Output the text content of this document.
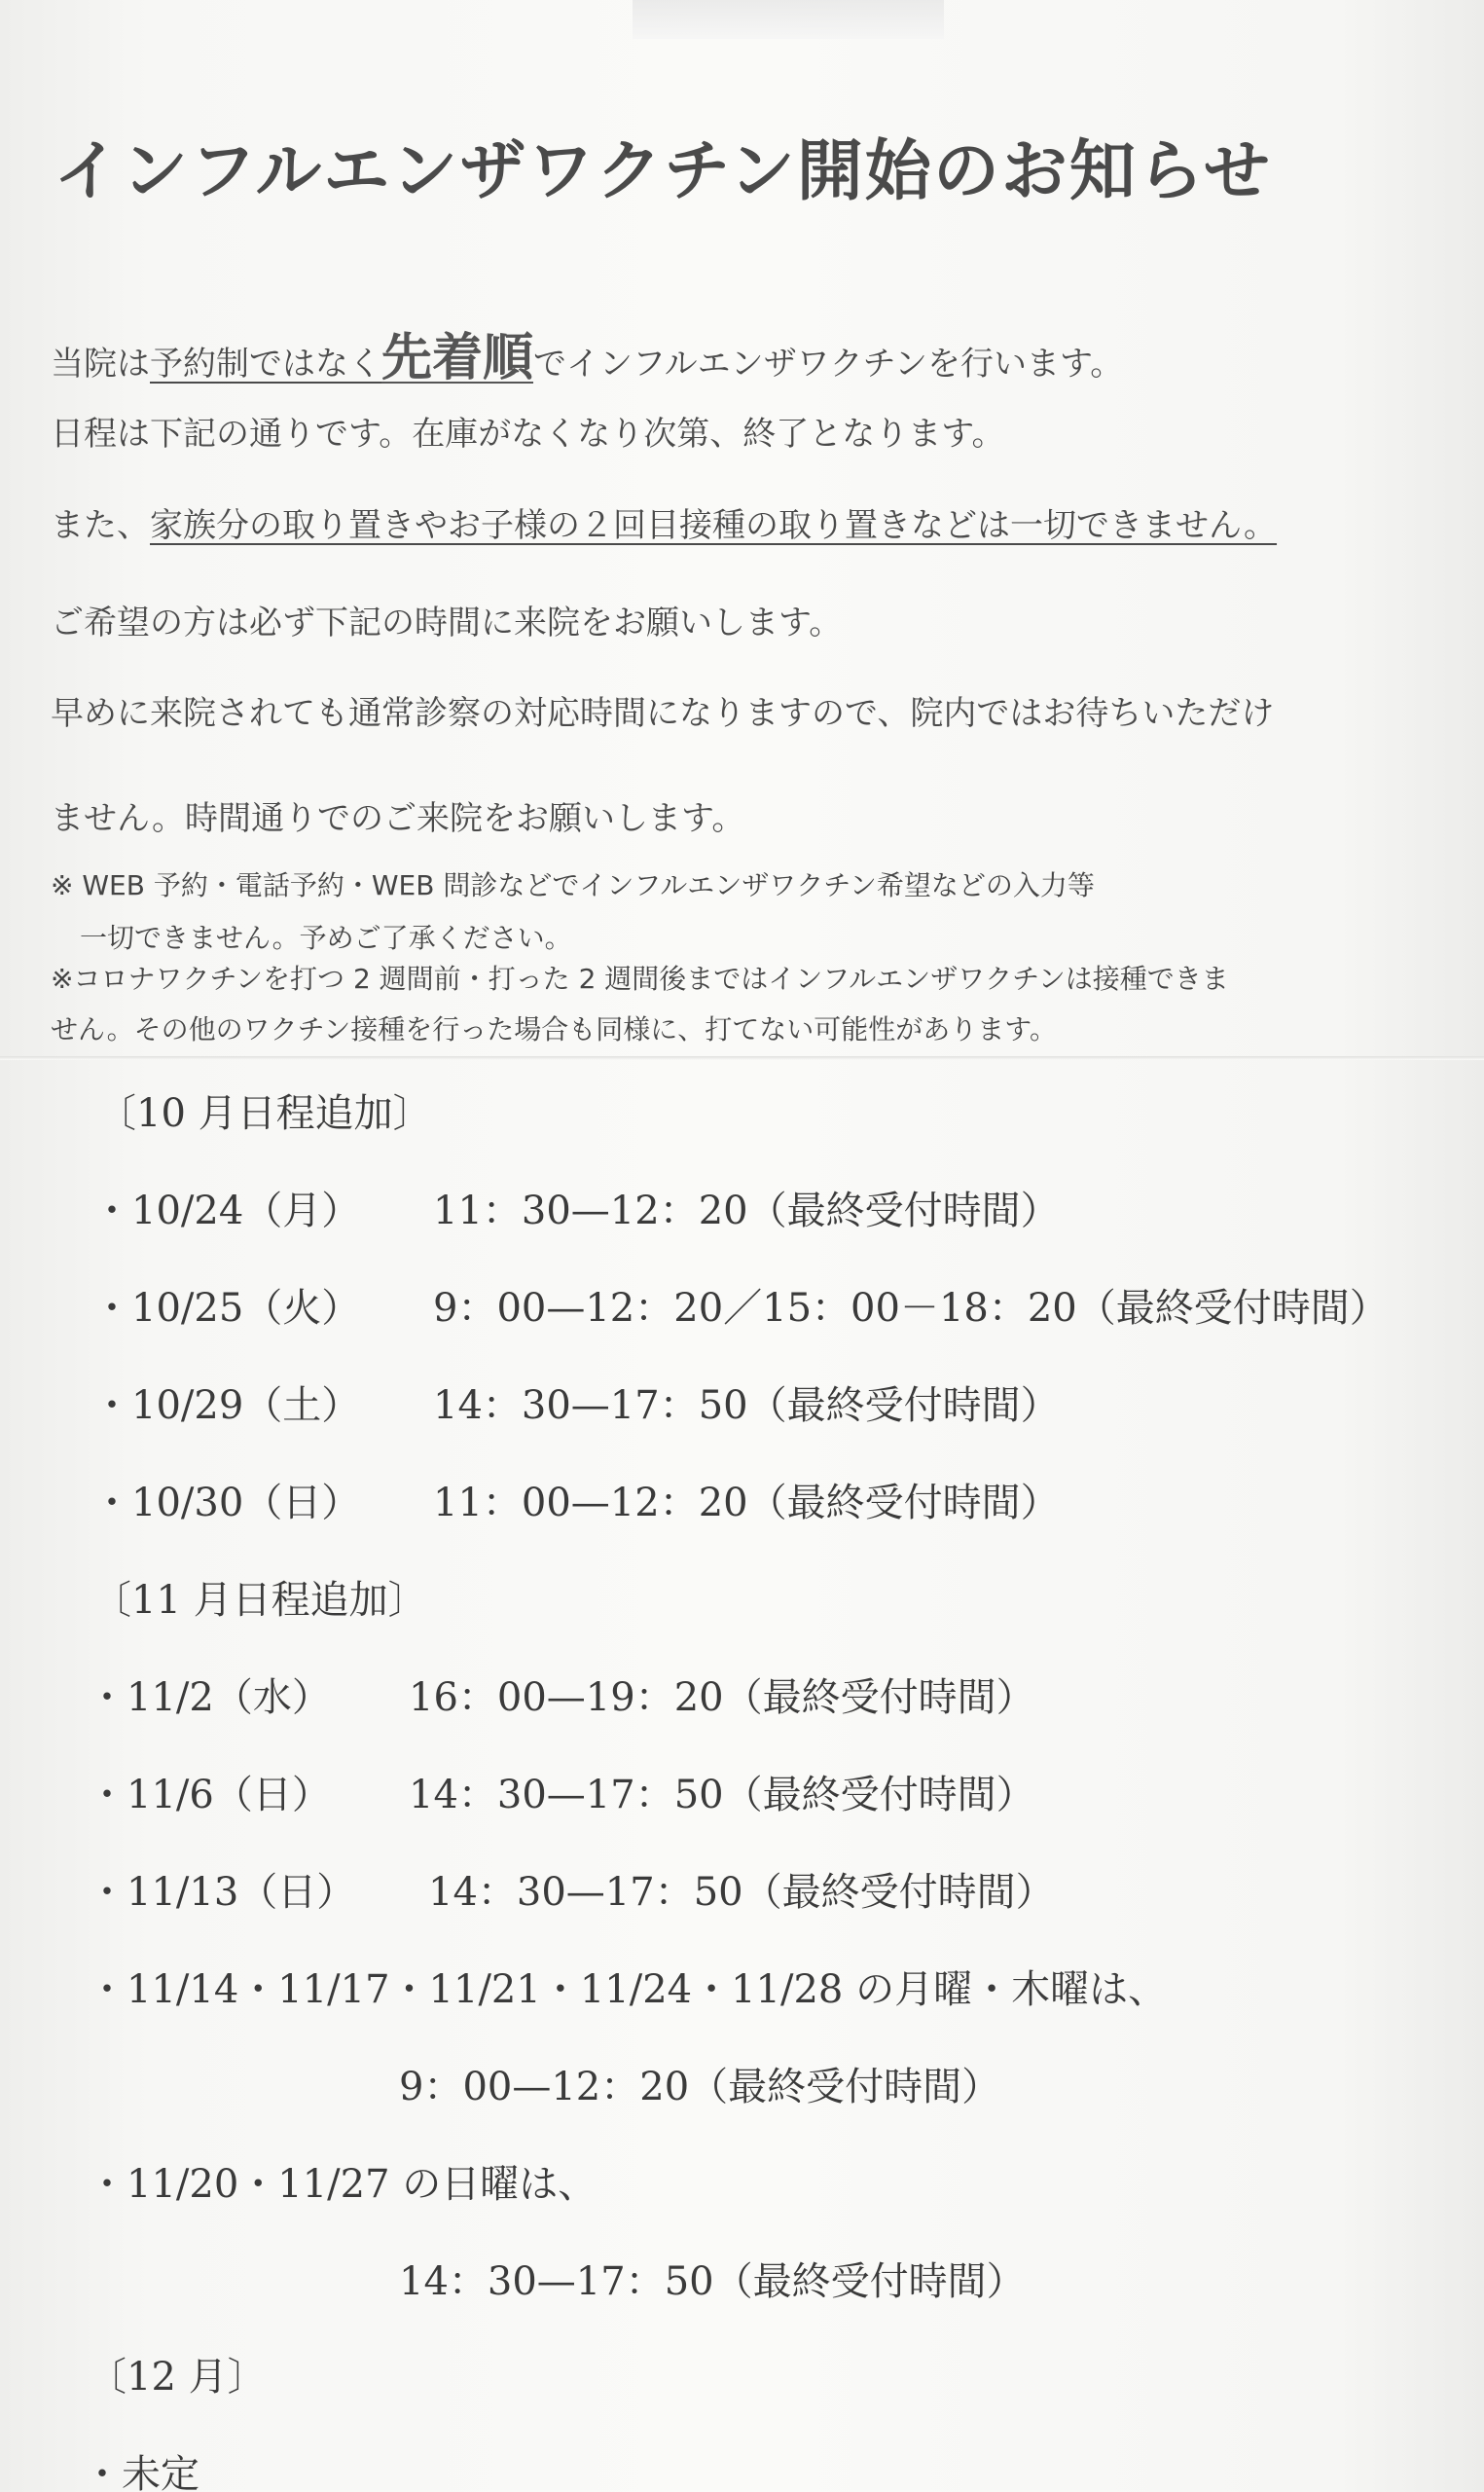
インフルエンザワクチン開始のお知らせ
当院は予約制ではなく先着順でインフルエンザワクチンを行います。
日程は下記の通りです。在庫がなくなり次第、終了となります。
また、家族分の取り置きやお子様の２回目接種の取り置きなどは一切できません。
ご希望の方は必ず下記の時間に来院をお願いします。
早めに来院されても通常診察の対応時間になりますので、院内ではお待ちいただけ
ません。時間通りでのご来院をお願いします。
※ WEB 予約・電話予約・WEB 問診などでインフルエンザワクチン希望などの入力等
一切できません。予めご了承ください。
※コロナワクチンを打つ 2 週間前・打った 2 週間後まではインフルエンザワクチンは接種できま
せん。その他のワクチン接種を行った場合も同様に、打てない可能性があります。
〔10 月日程追加〕
・10/24（月） 11：30—12：20（最終受付時間）
・10/25（火） 9：00—12：20／15：00－18：20（最終受付時間）
・10/29（土） 14：30—17：50（最終受付時間）
・10/30（日） 11：00—12：20（最終受付時間）
〔11 月日程追加〕
・11/2（水） 16：00—19：20（最終受付時間）
・11/6（日） 14：30—17：50（最終受付時間）
・11/13（日） 14：30—17：50（最終受付時間）
・11/14・11/17・11/21・11/24・11/28 の月曜・木曜は、
9：00—12：20（最終受付時間）
・11/20・11/27 の日曜は、
14：30—17：50（最終受付時間）
〔12 月〕
・未定
